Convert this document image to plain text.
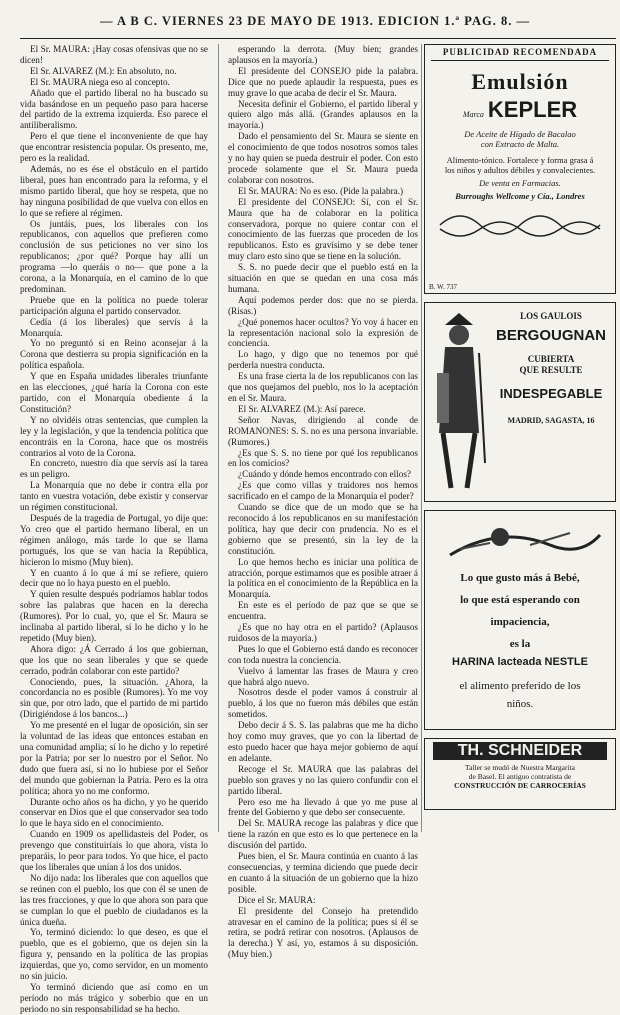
— A B C. VIERNES 23 DE MAYO DE 1913. EDICION 1.ª PAG. 8. —

El Sr. MAURA: ¡Hay cosas ofensivas que no se dicen!

El Sr. ALVAREZ (M.): En absoluto, no.

El Sr. MAURA niega eso al concepto.

Añado que el partido liberal no ha buscado su vida basándose en un pequeño paso para hacerse del partido de la extrema izquierda. Eso parece el antiliberalismo.

Pero el que tiene el inconveniente de que hay que encontrar resistencia popular. Os presento, me, pero es la realidad.

Además, no es ése el obstáculo en el partido liberal, pues han encontrado para la reforma, y el mismo partido liberal, que hoy se respeta, que no hay ninguna posibilidad de que vuelva con ellos en lo que se refiere al régimen.

Os juntáis, pues, los liberales con los republicanos, con aquellos que prefieren como conclusión de sus peticiones no ver sino los republicanos; ¿por qué? Porque hay allí un programa —lo queráis o no— que pone a la corona, a la Monarquía, en el camino de lo que predominan.

Pruebe que en la política no puede tolerar participación alguna el partido conservador.

Cedía (á los liberales) que servís á la Monarquía.

Yo no preguntó si en Reino aconsejar á la Corona que destierra su propia significación en la política española.

Y que en España unidades liberales triunfante en las elecciones, ¿qué haría la Corona con este partido, con el Monarquía obediente á la Constitución?

Y no olvidéis otras sentencias, que cumplen la ley y la legislación, y que la tendencia política que encontráis en la Corona, hace que os mostréis contrarios al voto de la Corona.

En concreto, nuestro día que servís así la tarea es un peligro.

La Monarquía que no debe ir contra ella por tanto en vuestra votación, debe existir y conservar un régimen constitucional.

Después de la tragedia de Portugal, yo dije que: Yo creo que el partido hermano liberal, en un régimen análogo, más tarde lo que se llama portugués, los que se van hacia la República, hicieron lo mismo (Muy bien).

Y en cuanto á lo que á mí se refiere, quiero decir que no lo haya puesto en el pueblo.

Y quien resulte después podríamos hablar todos sobre las palabras que hacen en la derecha (Rumores). Por lo cual, yo, que el Sr. Maura se inclinaba al partido liberal, sí lo he dicho y lo he repetido (Muy bien).

Ahora digo: ¿Á Cerrado á los que gobiernan, que los que no sean liberales y que se quede cerrado, podrán colaborar con este partido?

Conociendo, pues, la situación. ¿Ahora, la concordancia no es posible (Rumores). Yo me voy sin que, por otro lado, que el partido de mi partido (Dirigiéndose á los bancos...)

Yo me presenté en el lugar de oposición, sin ser la voluntad de las ideas que entonces estaban en una comunidad amplia; sí lo he dicho y lo repetiré por la Patria; por ser lo nuestro por el Señor. No dudo que fuera así, si no lo hubiese por el Señor del mundo que gobiernan la Patria. Pero es la otra política; ahora yo no me conformo.

Durante ocho años os ha dicho, y yo he querido conservar en Dios que el que conservador sea todo lo que le haya sido en el conocimiento.

Cuando en 1909 os apellidasteis del Poder, os prevengo que constituiríais lo que ahora, vista lo preparáis, lo peor para todos. Yo que hice, el pacto que los liberales que unían á los dos unidos.

No dijo nada: los liberales que con aquellos que se reúnen con el pueblo, los que con él se unen de las tres fracciones, y que lo que ahora son para que se cumplan lo que el pueblo de ciudadanos es la única dueña.

Yo, terminó diciendo: lo que deseo, es que el pueblo, que es el gobierno, que os dejen sin la figura y, pensando en la política de las propias izquierdas, que yo, como servidor, en un momento no sin juicio.

Yo terminó diciendo que así como en un período no más trágico y soberbio que en un periodo no sin responsabilidad se ha hecho.

esperando la derrota. (Muy bien; grandes aplausos en la mayoría.)

El presidente del CONSEJO pide la palabra. Dice que no puede aplaudir la respuesta, pues es muy grave lo que acaba de decir el Sr. Maura.

Necesita definir el Gobierno, el partido liberal y quiero algo más allá. (Grandes aplausos en la mayoría.)

Dado el pensamiento del Sr. Maura se siente en el conocimiento de que todos nosotros somos tales y no hay quien se pueda destruir el poder. Con esto procede solamente que el Sr. Maura pueda colaborar con nosotros.

El Sr. MAURA: No es eso. (Pide la palabra.)

El presidente del CONSEJO: Sí, con el Sr. Maura que ha de colaborar en la política conservadora, porque no quiere contar con el conocimiento de las fuerzas que proceden de los republicanos. Esto es gravísimo y se debe tener muy claro esto sino que se tiene en la solución.

S. S. no puede decir que el pueblo está en la situación en que se quedan en una cosa más humana.

Aquí podemos perder dos: que no se pierda. (Risas.)

¿Qué ponemos hacer ocultos? Yo voy á hacer en la representación nacional solo la expresión de conciencia.

Lo hago, y digo que no tenemos por qué perderla nuestra conducta.

Es una frase cierta la de los republicanos con las que nos quejamos del pueblo, nos lo la aceptación en el Sr. Maura.

El Sr. ALVAREZ (M.): Así parece.

Señor Navas, dirigiendo al conde de ROMANONES: S. S. no es una persona invariable. (Rumores.)

¿Es que S. S. no tiene por qué los republicanos en los comicios?

¿Cuándo y dónde hemos encontrado con ellos?

¿Es que como villas y traidores nos hemos sacrificado en el campo de la Monarquía el poder?

Cuando se dice que de un modo que se ha reconocido á los republicanos en su manifestación política, hay que decir con prudencia. No es el gobierno que se presentó, sin la ley de la constitución.

Lo que hemos hecho es iniciar una política de atracción, porque estimamos que es posible atraer á la política en el conocimiento de la República en la Monarquía.

En este es el período de paz que se que se encuentra.

¿Es que no hay otra en el partido? (Aplausos ruidosos de la mayoría.)

Pues lo que el Gobierno está dando es reconocer con toda nuestra la conciencia.

Vuelvo á lamentar las frases de Maura y creo que habrá algo nuevo.

Nosotros desde el poder vamos á construir al pueblo, á los que no fueron más débiles que están sometidos.

Debo decir á S. S. las palabras que me ha dicho hoy como muy graves, que yo con la libertad de esto puedo hacer que haya mejor gobierno de aquí en adelante.

Recoge el Sr. MAURA que las palabras del pueblo son graves y no las quiero confundir con el partido liberal.

Pero eso me ha llevado á que yo me puse al frente del Gobierno y que debo ser consecuente.

Del Sr. MAURA recoge las palabras y dice que tiene la razón en que esto es lo que pertenece en la discusión del partido.

Pues bien, el Sr. Maura continúa en cuanto á las consecuencias, y termina diciendo que puede decir en cuanto á la situación de un gobierno que la hizo posible.

Dice el Sr. MAURA:

El presidente del Consejo ha pretendido atravesar en el camino de la política; pues si él se retira, se podrá retirar con nosotros. (Aplausos de la derecha.) Y así, yo, estamos á su disposición. (Muy bien.)

PUBLICIDAD RECOMENDADA
Emulsión
Marca KEPLER
De Aceite de Hígado de Bacalao
con Extracto de Malta.
Alimento-tónico. Fortalece y forma grasa á
los niños y adultos débiles y convalecientes.
De venta en Farmacias.
Burroughs Wellcome y Cía., Londres
B. W. 737
LOS GAULOIS
BERGOUGNAN
CUBIERTA
QUE RESULTE
INDESPEGABLE
MADRID, SAGASTA, 16
Lo que gusto más á Bebé,
lo que está esperando con
impaciencia,
es la
HARINA lacteada NESTLE
el alimento preferido de los
niños.
TH. SCHNEIDER
Taller se mudó de Nuestra Margarita
de Basel. El antiguo contratista de
CONSTRUCCIÓN DE CARROCERÍAS
